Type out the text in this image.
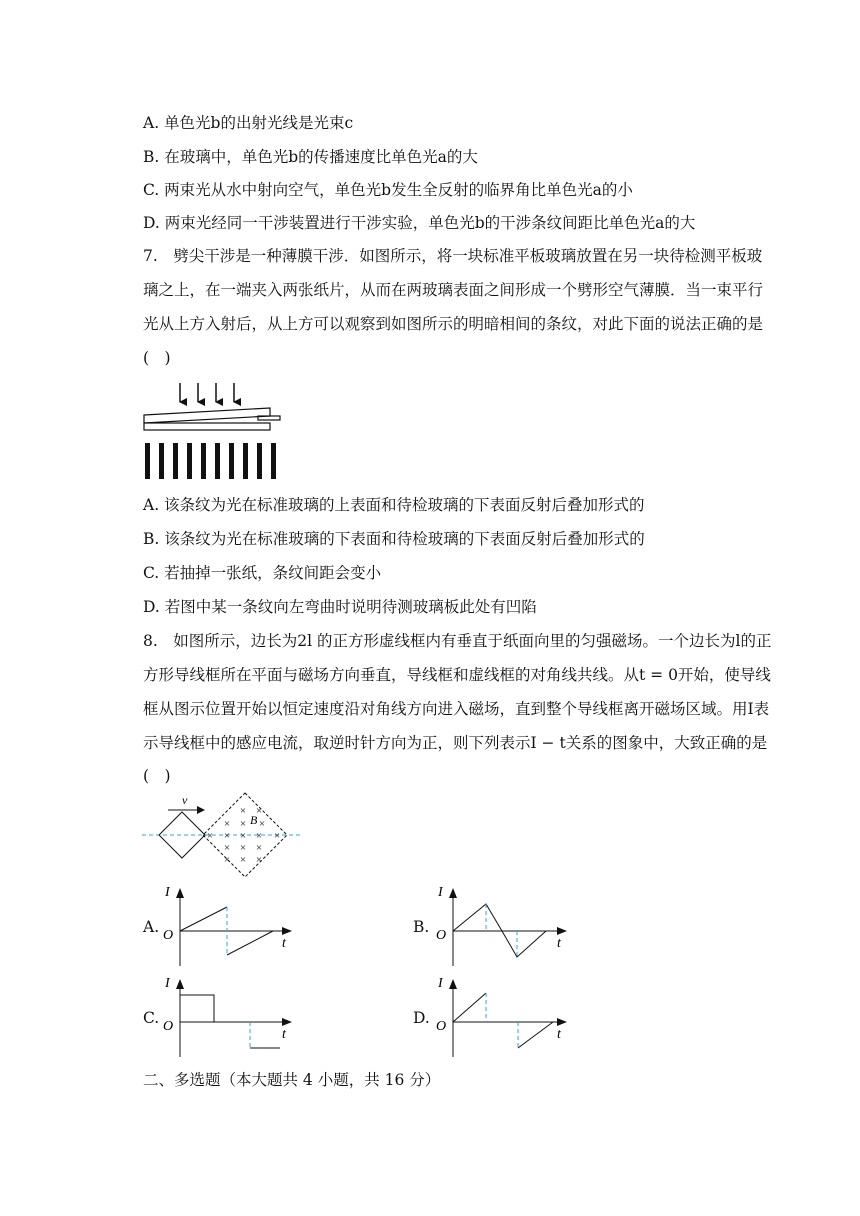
A. 单色光b的出射光线是光束c
B. 在玻璃中，单色光b的传播速度比单色光a的大
C. 两束光从水中射向空气，单色光b发生全反射的临界角比单色光a的小
D. 两束光经同一干涉装置进行干涉实验，单色光b的干涉条纹间距比单色光a的大
7.　劈尖干涉是一种薄膜干涉．如图所示，将一块标准平板玻璃放置在另一块待检测平板玻
璃之上，在一端夹入两张纸片，从而在两玻璃表面之间形成一个劈形空气薄膜．当一束平行
光从上方入射后，从上方可以观察到如图所示的明暗相间的条纹，对此下面的说法正确的是
(　)
A. 该条纹为光在标准玻璃的上表面和待检玻璃的下表面反射后叠加形式的
B. 该条纹为光在标准玻璃的下表面和待检玻璃的下表面反射后叠加形式的
C. 若抽掉一张纸，条纹间距会变小
D. 若图中某一条纹向左弯曲时说明待测玻璃板此处有凹陷
8.　如图所示，边长为2l 的正方形虚线框内有垂直于纸面向里的匀强磁场。一个边长为l的正
方形导线框所在平面与磁场方向垂直，导线框和虚线框的对角线共线。从t = 0开始，使导线
框从图示位置开始以恒定速度沿对角线方向进入磁场，直到整个导线框离开磁场区域。用I表
示导线框中的感应电流，取逆时针方向为正，则下列表示I − t关系的图象中，大致正确的是
(　)
v
× ×
× × ×
× × × × ×
× × ×
× × ×
B
A.
I
O
t
B.
I
O
t
C.
I
O
t
D.
I
O
t
二、多选题（本大题共 4 小题，共 16 分）
